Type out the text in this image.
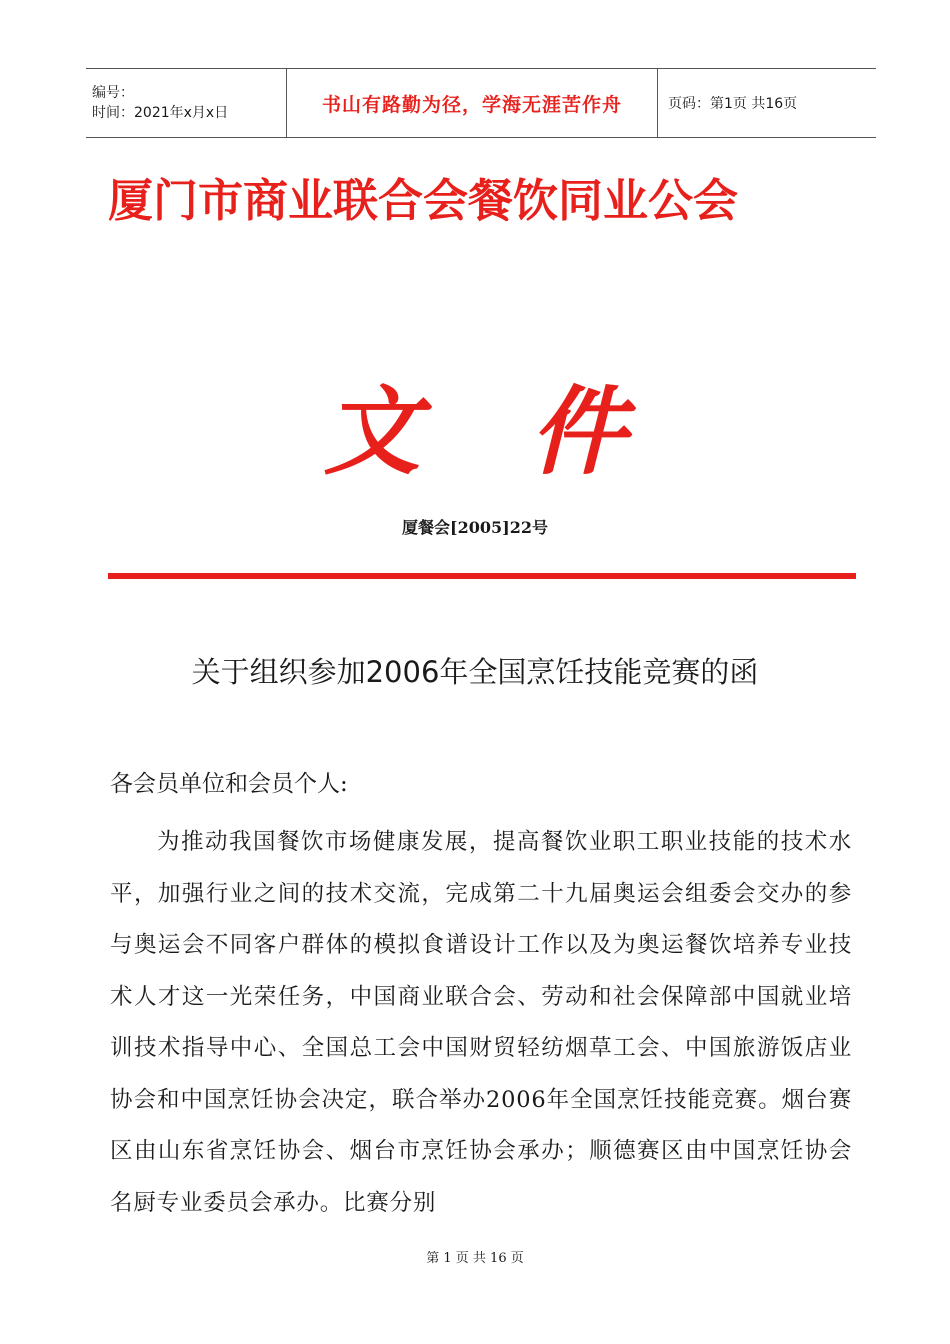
编号：
时间：2021年x月x日	书山有路勤为径，学海无涯苦作舟	页码：第1页 共16页
厦门市商业联合会餐饮同业公会
文件
厦餐会[2005]22号
关于组织参加2006年全国烹饪技能竞赛的函
各会员单位和会员个人:
为推动我国餐饮市场健康发展，提高餐饮业职工职业技能的技术水平，加强行业之间的技术交流，完成第二十九届奥运会组委会交办的参与奥运会不同客户群体的模拟食谱设计工作以及为奥运餐饮培养专业技术人才这一光荣任务，中国商业联合会、劳动和社会保障部中国就业培训技术指导中心、全国总工会中国财贸轻纺烟草工会、中国旅游饭店业协会和中国烹饪协会决定，联合举办2006年全国烹饪技能竞赛。烟台赛区由山东省烹饪协会、烟台市烹饪协会承办；顺德赛区由中国烹饪协会名厨专业委员会承办。比赛分别
第 1 页 共 16 页
